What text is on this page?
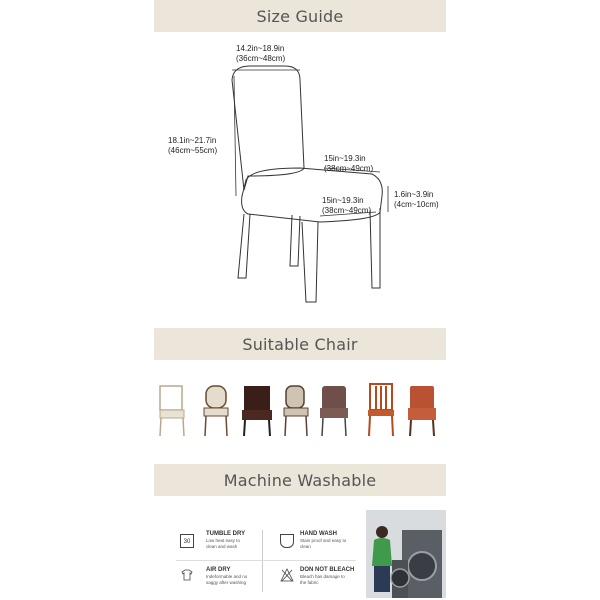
Size Guide
Suitable Chair
Machine Washable
14.2in~18.9in
(36cm~48cm)
18.1in~21.7in
(46cm~55cm)
15in~19.3in
(38cm~49cm)
15in~19.3in
(38cm~49cm)
1.6in~3.9in
(4cm~10cm)
30
TUMBLE DRY
Low heat easy to
clean and wash
HAND WASH
Stain proof and easy to
clean
AIR DRY
Indeformable and no
saggy after washing
DON NOT BLEACH
Bleach has damage to
the fabric
